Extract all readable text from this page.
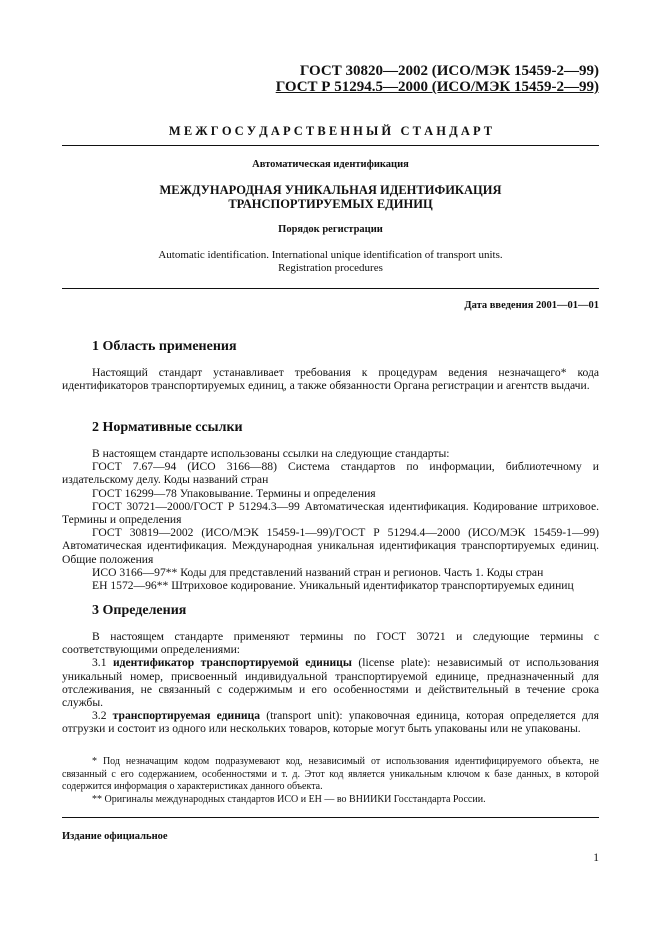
ГОСТ 30820—2002 (ИСО/МЭК 15459-2—99)
ГОСТ Р 51294.5—2000 (ИСО/МЭК 15459-2—99)
М Е Ж Г О С У Д А Р С Т В Е Н Н Ы Й   С Т А Н Д А Р Т
Автоматическая идентификация
МЕЖДУНАРОДНАЯ УНИКАЛЬНАЯ ИДЕНТИФИКАЦИЯ
ТРАНСПОРТИРУЕМЫХ ЕДИНИЦ
Порядок регистрации
Automatic identification. International unique identification of transport units.
Registration procedures
Дата введения 2001—01—01
1 Область применения
Настоящий стандарт устанавливает требования к процедурам ведения незначащего* кода идентификаторов транспортируемых единиц, а также обязанности Органа регистрации и агентств выдачи.
2 Нормативные ссылки
В настоящем стандарте использованы ссылки на следующие стандарты:
ГОСТ 7.67—94 (ИСО 3166—88) Система стандартов по информации, библиотечному и издательскому делу. Коды названий стран
ГОСТ 16299—78 Упаковывание. Термины и определения
ГОСТ 30721—2000/ГОСТ Р 51294.3—99 Автоматическая идентификация. Кодирование штриховое. Термины и определения
ГОСТ 30819—2002 (ИСО/МЭК 15459-1—99)/ГОСТ Р 51294.4—2000 (ИСО/МЭК 15459-1—99) Автоматическая идентификация. Международная уникальная идентификация транспортируемых единиц. Общие положения
ИСО 3166—97** Коды для представлений названий стран и регионов. Часть 1. Коды стран
ЕН 1572—96** Штриховое кодирование. Уникальный идентификатор транспортируемых единиц
3 Определения
В настоящем стандарте применяют термины по ГОСТ 30721 и следующие термины с соответствующими определениями:
3.1 идентификатор транспортируемой единицы (license plate): независимый от использования уникальный номер, присвоенный индивидуальной транспортируемой единице, предназначенный для отслеживания, не связанный с содержимым и его особенностями и действительный в течение срока службы.
3.2 транспортируемая единица (transport unit): упаковочная единица, которая определяется для отгрузки и состоит из одного или нескольких товаров, которые могут быть упакованы или не упакованы.
* Под незначащим кодом подразумевают код, независимый от использования идентифицируемого объекта, не связанный с его содержанием, особенностями и т. д. Этот код является уникальным ключом к базе данных, в которой содержится информация о характеристиках данного объекта.
** Оригиналы международных стандартов ИСО и ЕН — во ВНИИКИ Госстандарта России.
Издание официальное
1
